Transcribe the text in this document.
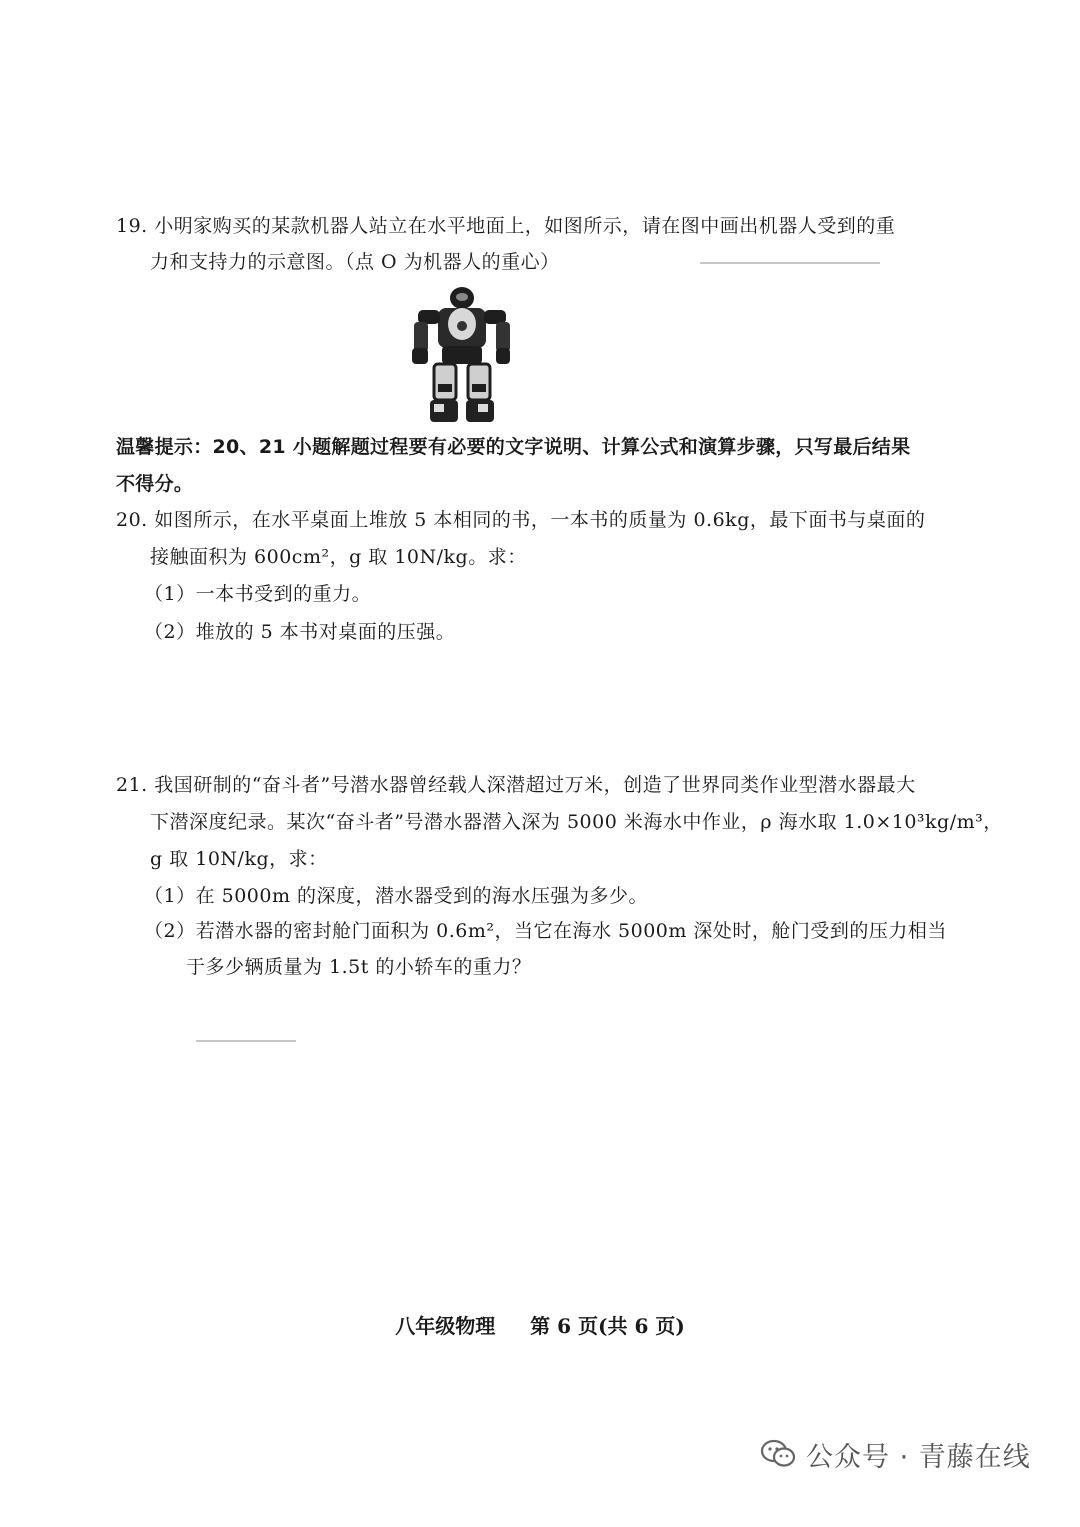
19. 小明家购买的某款机器人站立在水平地面上，如图所示，请在图中画出机器人受到的重
力和支持力的示意图。（点 O 为机器人的重心）
温馨提示：20、21 小题解题过程要有必要的文字说明、计算公式和演算步骤，只写最后结果
不得分。
20. 如图所示，在水平桌面上堆放 5 本相同的书，一本书的质量为 0.6kg，最下面书与桌面的
接触面积为 600cm²，g 取 10N/kg。求：
（1）一本书受到的重力。
（2）堆放的 5 本书对桌面的压强。
21. 我国研制的“奋斗者”号潜水器曾经载人深潜超过万米，创造了世界同类作业型潜水器最大
下潜深度纪录。某次“奋斗者”号潜水器潜入深为 5000 米海水中作业，ρ 海水取 1.0×10³kg/m³，
g 取 10N/kg，求：
（1）在 5000m 的深度，潜水器受到的海水压强为多少。
（2）若潜水器的密封舱门面积为 0.6m²，当它在海水 5000m 深处时，舱门受到的压力相当
于多少辆质量为 1.5t 的小轿车的重力？
八年级物理 第 6 页(共 6 页)
公众号 · 青藤在线
